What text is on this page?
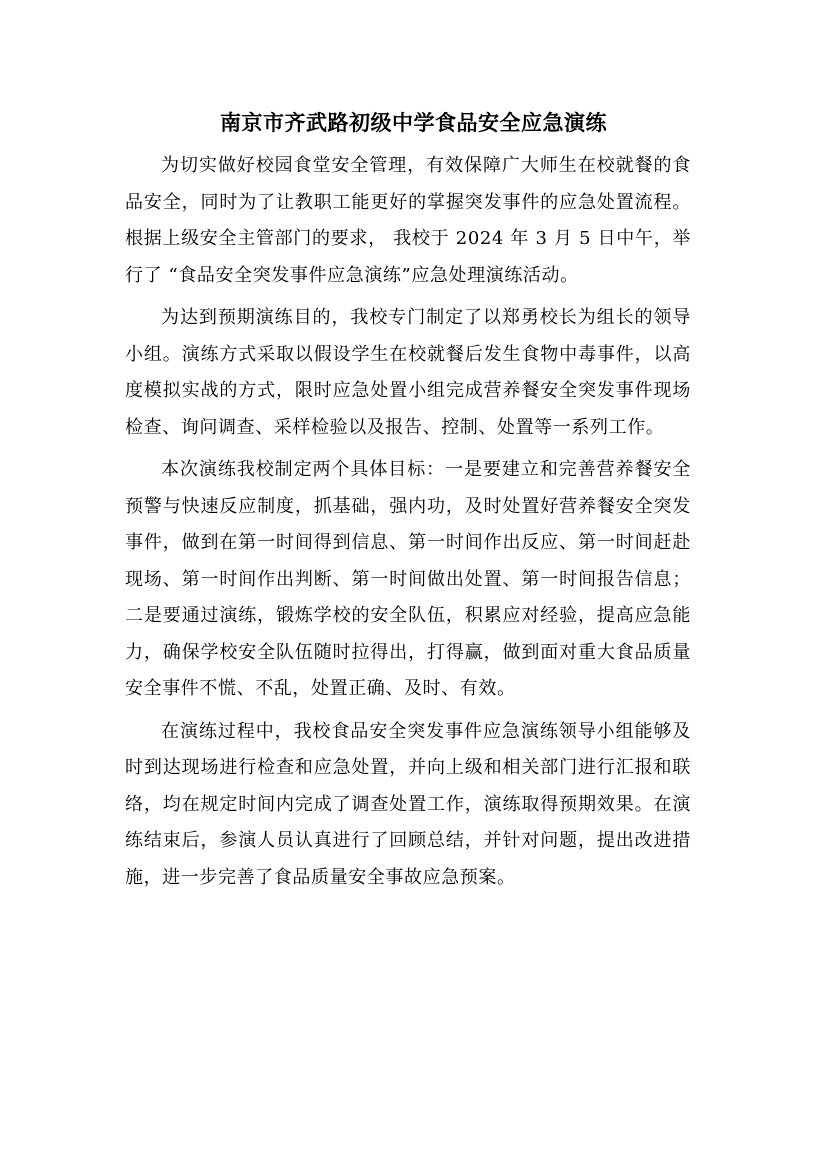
南京市齐武路初级中学食品安全应急演练

为切实做好校园食堂安全管理，有效保障广大师生在校就餐的食品安全，同时为了让教职工能更好的掌握突发事件的应急处置流程。根据上级安全主管部门的要求， 我校于 2024 年 3 月 5 日中午，举行了 “食品安全突发事件应急演练”应急处理演练活动。

为达到预期演练目的，我校专门制定了以郑勇校长为组长的领导小组。演练方式采取以假设学生在校就餐后发生食物中毒事件，以高度模拟实战的方式，限时应急处置小组完成营养餐安全突发事件现场检查、询问调查、采样检验以及报告、控制、处置等一系列工作。

本次演练我校制定两个具体目标：一是要建立和完善营养餐安全预警与快速反应制度，抓基础，强内功，及时处置好营养餐安全突发事件，做到在第一时间得到信息、第一时间作出反应、第一时间赶赴现场、第一时间作出判断、第一时间做出处置、第一时间报告信息； 二是要通过演练，锻炼学校的安全队伍，积累应对经验，提高应急能力，确保学校安全队伍随时拉得出，打得赢，做到面对重大食品质量安全事件不慌、不乱，处置正确、及时、有效。

在演练过程中，我校食品安全突发事件应急演练领导小组能够及时到达现场进行检查和应急处置，并向上级和相关部门进行汇报和联络，均在规定时间内完成了调查处置工作，演练取得预期效果。在演练结束后，参演人员认真进行了回顾总结，并针对问题，提出改进措施，进一步完善了食品质量安全事故应急预案。
